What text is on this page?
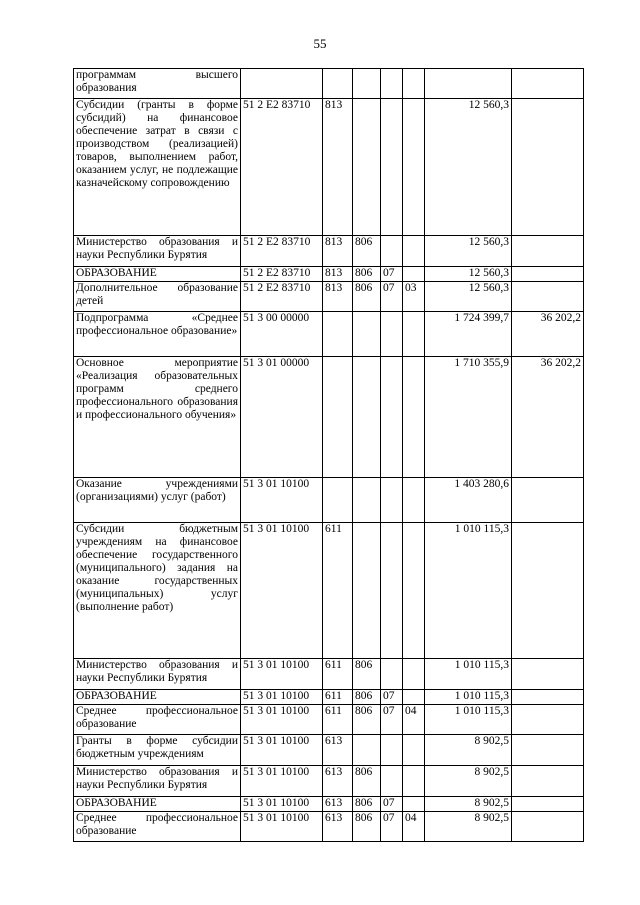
55
программам высшего образования							
Субсидии (гранты в форме субсидий) на финансовое обеспечение затрат в связи с производством (реализацией) товаров, выполнением работ, оказанием услуг, не подлежащие казначейскому сопровождению	51 2 E2 83710	813				12 560,3	
Министерство образования и науки Республики Бурятия	51 2 E2 83710	813	806			12 560,3	
ОБРАЗОВАНИЕ	51 2 E2 83710	813	806	07		12 560,3	
Дополнительное образование детей	51 2 E2 83710	813	806	07	03	12 560,3	
Подпрограмма «Среднее профессиональное образование»	51 3 00 00000					1 724 399,7	36 202,2
Основное мероприятие «Реализация образовательных программ среднего профессионального образования и профессионального обучения»	51 3 01 00000					1 710 355,9	36 202,2
Оказание учреждениями (организациями) услуг (работ)	51 3 01 10100					1 403 280,6	
Субсидии бюджетным учреждениям на финансовое обеспечение государственного (муниципального) задания на оказание государственных (муниципальных) услуг (выполнение работ)	51 3 01 10100	611				1 010 115,3	
Министерство образования и науки Республики Бурятия	51 3 01 10100	611	806			1 010 115,3	
ОБРАЗОВАНИЕ	51 3 01 10100	611	806	07		1 010 115,3	
Среднее профессиональное образование	51 3 01 10100	611	806	07	04	1 010 115,3	
Гранты в форме субсидии бюджетным учреждениям	51 3 01 10100	613				8 902,5	
Министерство образования и науки Республики Бурятия	51 3 01 10100	613	806			8 902,5	
ОБРАЗОВАНИЕ	51 3 01 10100	613	806	07		8 902,5	
Среднее профессиональное образование	51 3 01 10100	613	806	07	04	8 902,5	
